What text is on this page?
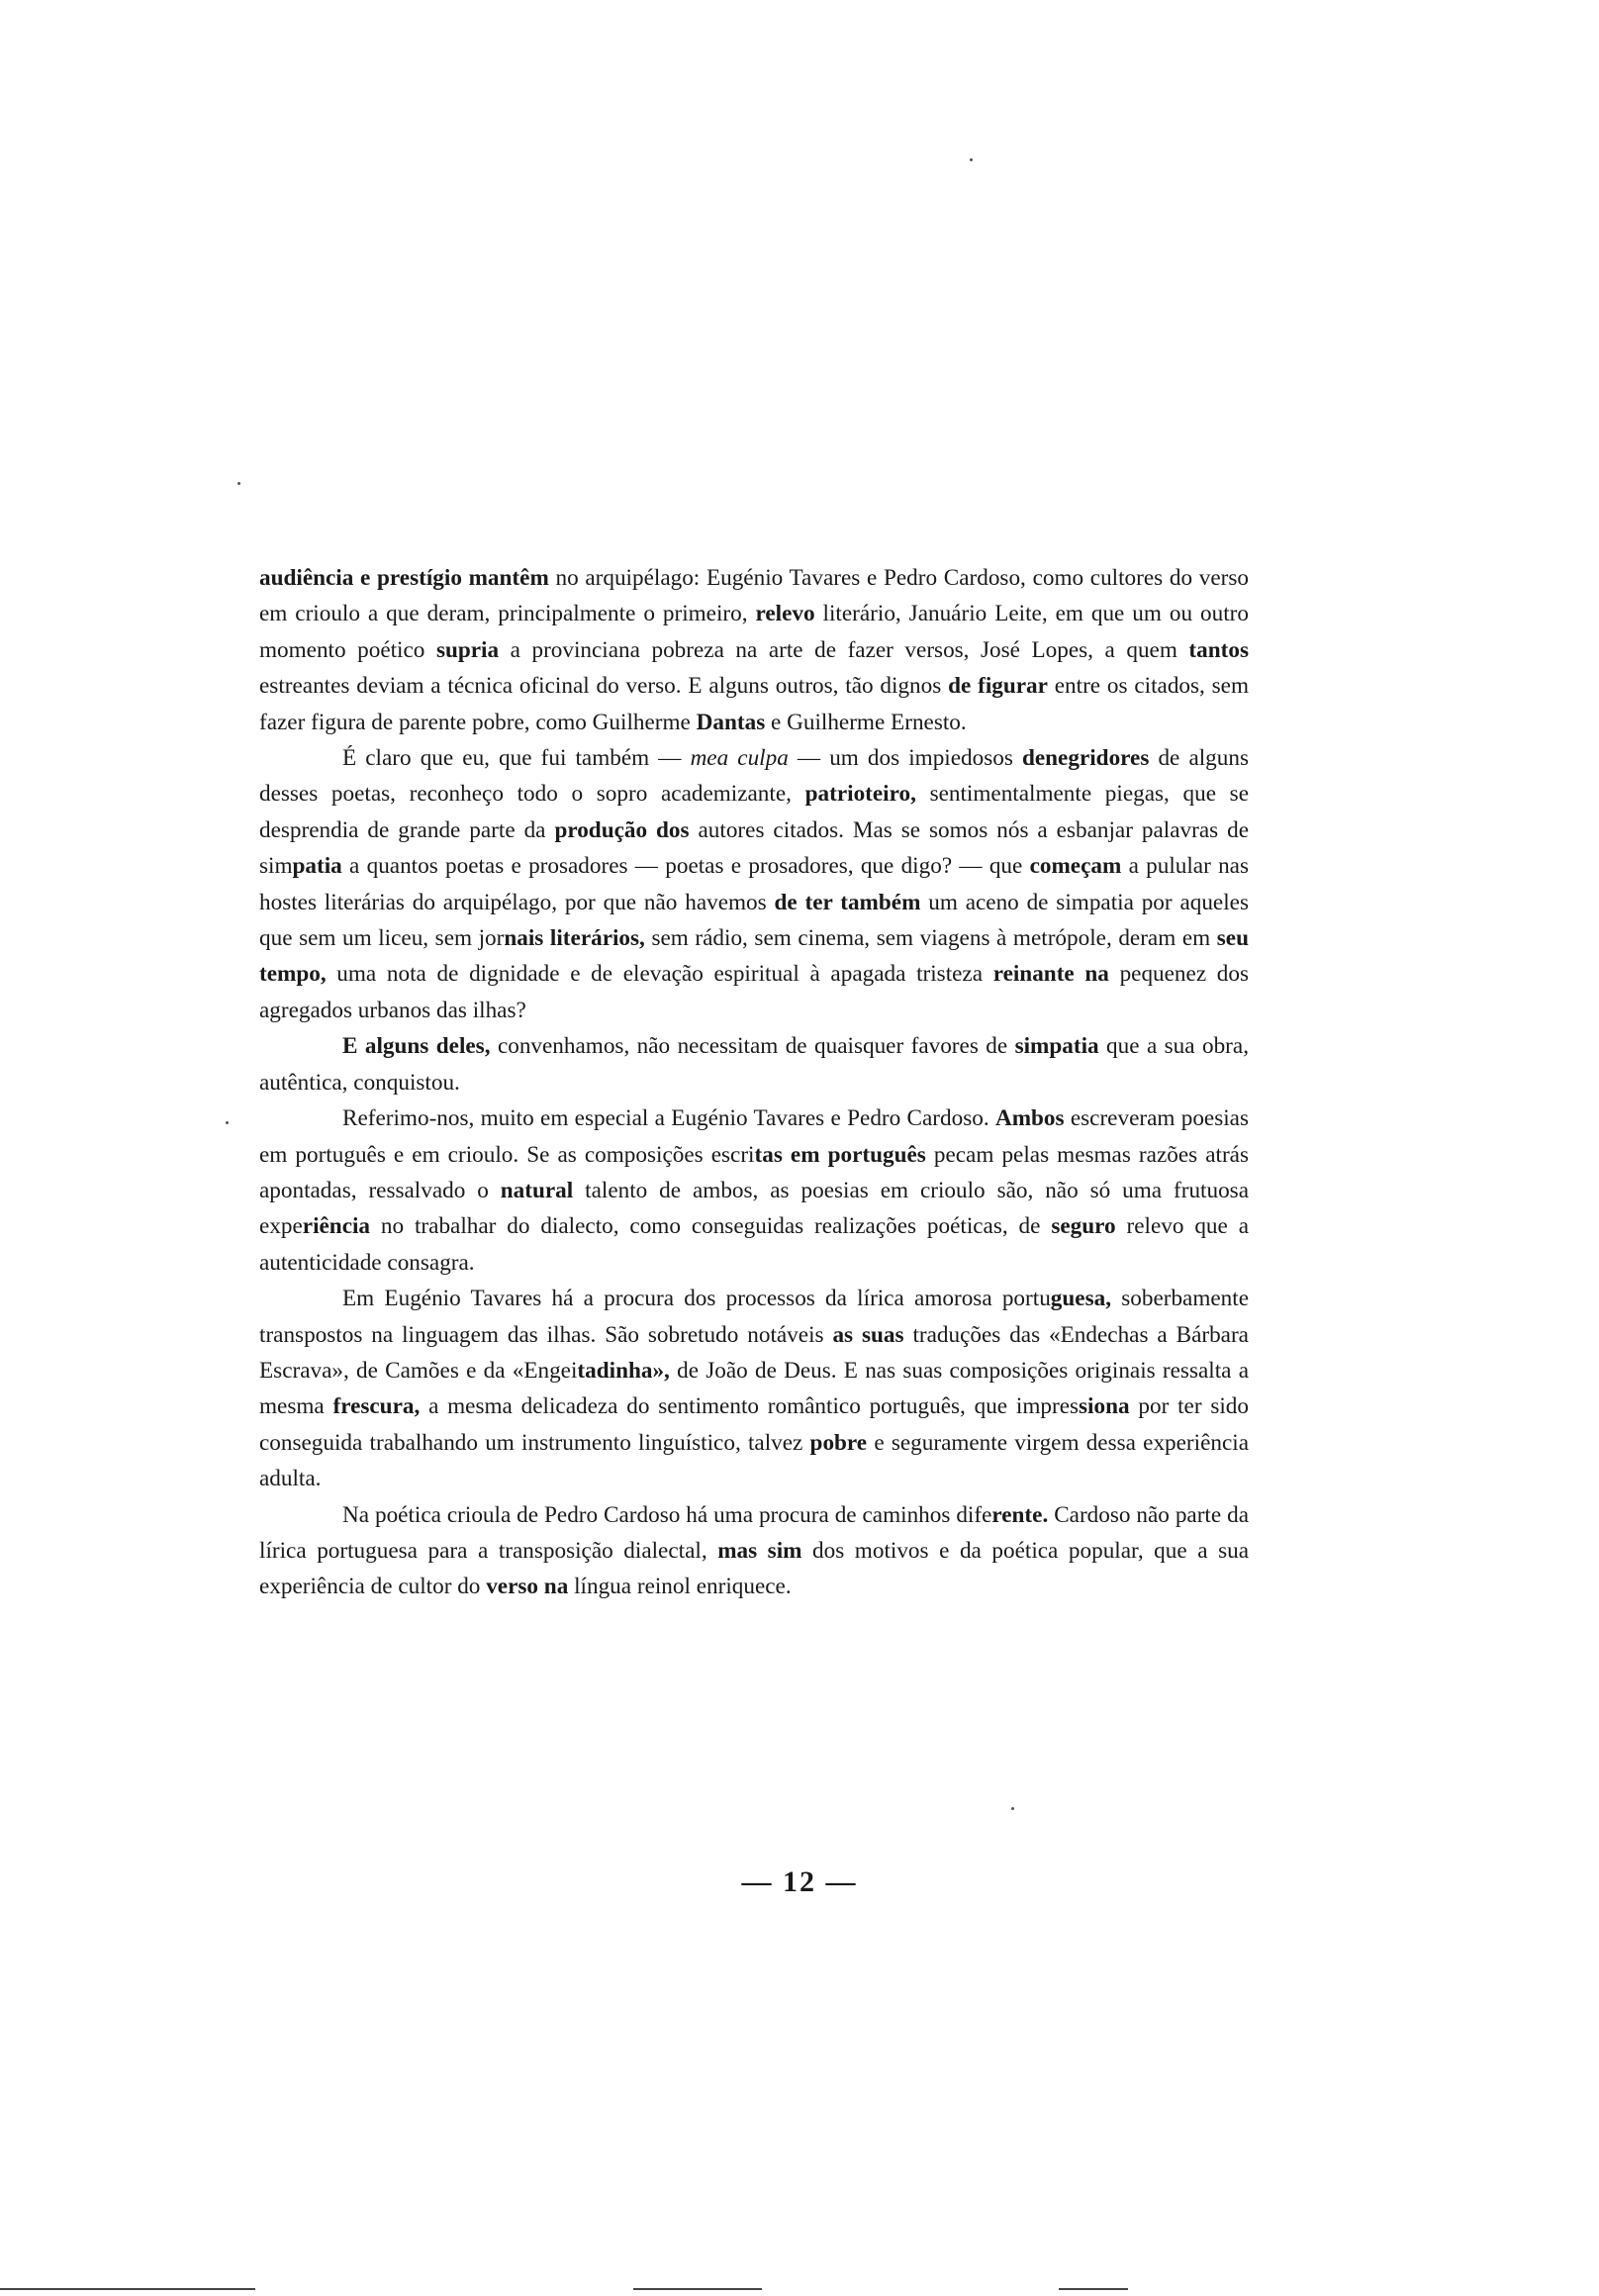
audiência e prestígio mantêm no arquipélago: Eugénio Tavares e Pedro Cardoso, como cultores do verso em crioulo a que deram, principalmente o primeiro, relevo literário, Januário Leite, em que um ou outro momento poético supria a provinciana pobreza na arte de fazer versos, José Lopes, a quem tantos estreantes deviam a técnica oficinal do verso. E alguns outros, tão dignos de figurar entre os citados, sem fazer figura de parente pobre, como Guilherme Dantas e Guilherme Ernesto.

É claro que eu, que fui também — mea culpa — um dos impiedosos denegridores de alguns desses poetas, reconheço todo o sopro academizante, patrioteiro, sentimentalmente piegas, que se desprendia de grande parte da produção dos autores citados. Mas se somos nós a esbanjar palavras de simpatia a quantos poetas e prosadores — poetas e prosadores, que digo? — que começam a pulular nas hostes literárias do arquipélago, por que não havemos de ter também um aceno de simpatia por aqueles que sem um liceu, sem jornais literários, sem rádio, sem cinema, sem viagens à metrópole, deram em seu tempo, uma nota de dignidade e de elevação espiritual à apagada tristeza reinante na pequenez dos agregados urbanos das ilhas?

E alguns deles, convenhamos, não necessitam de quaisquer favores de simpatia que a sua obra, autêntica, conquistou.

Referimo-nos, muito em especial a Eugénio Tavares e Pedro Cardoso. Ambos escreveram poesias em português e em crioulo. Se as composições escritas em português pecam pelas mesmas razões atrás apontadas, ressalvado o natural talento de ambos, as poesias em crioulo são, não só uma frutuosa experiência no trabalhar do dialecto, como conseguidas realizações poéticas, de seguro relevo que a autenticidade consagra.

Em Eugénio Tavares há a procura dos processos da lírica amorosa portuguesa, soberbamente transpostos na linguagem das ilhas. São sobretudo notáveis as suas traduções das «Endechas a Bárbara Escrava», de Camões e da «Engeitadinha», de João de Deus. E nas suas composições originais ressalta a mesma frescura, a mesma delicadeza do sentimento romântico português, que impressiona por ter sido conseguida trabalhando um instrumento linguístico, talvez pobre e seguramente virgem dessa experiência adulta.

Na poética crioula de Pedro Cardoso há uma procura de caminhos diferente. Cardoso não parte da lírica portuguesa para a transposição dialectal, mas sim dos motivos e da poética popular, que a sua experiência de cultor do verso na língua reinol enriquece.

— 12 —
